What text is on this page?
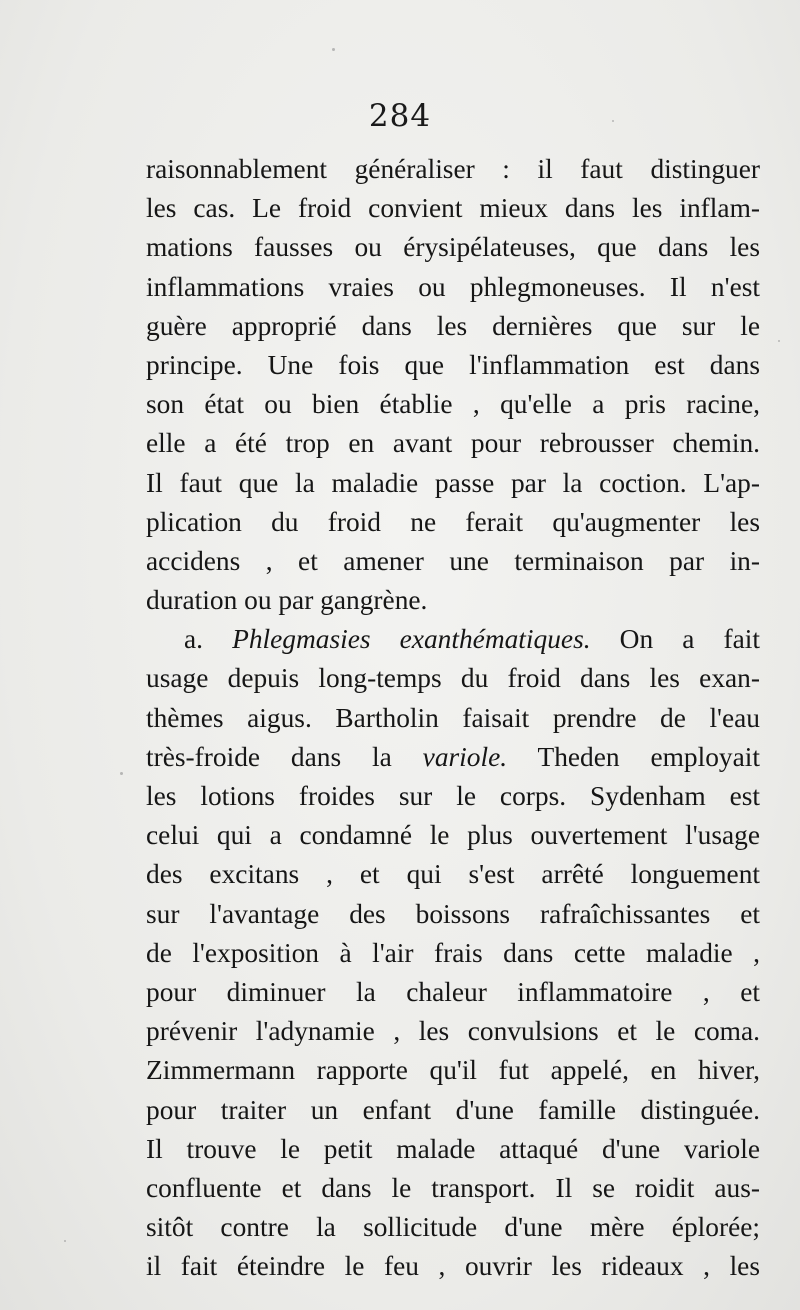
284
raisonnablement généraliser : il faut distinguer
les cas. Le froid convient mieux dans les inflam-
mations fausses ou érysipélateuses, que dans les
inflammations vraies ou phlegmoneuses. Il n'est
guère approprié dans les dernières que sur le
principe. Une fois que l'inflammation est dans
son état ou bien établie , qu'elle a pris racine,
elle a été trop en avant pour rebrousser chemin.
Il faut que la maladie passe par la coction. L'ap-
plication du froid ne ferait qu'augmenter les
accidens , et amener une terminaison par in-
duration ou par gangrène.
a. Phlegmasies exanthématiques. On a fait
usage depuis long-temps du froid dans les exan-
thèmes aigus. Bartholin faisait prendre de l'eau
très-froide dans la variole. Theden employait
les lotions froides sur le corps. Sydenham est
celui qui a condamné le plus ouvertement l'usage
des excitans , et qui s'est arrêté longuement
sur l'avantage des boissons rafraîchissantes et
de l'exposition à l'air frais dans cette maladie ,
pour diminuer la chaleur inflammatoire , et
prévenir l'adynamie , les convulsions et le coma.
Zimmermann rapporte qu'il fut appelé, en hiver,
pour traiter un enfant d'une famille distinguée.
Il trouve le petit malade attaqué d'une variole
confluente et dans le transport. Il se roidit aus-
sitôt contre la sollicitude d'une mère éplorée;
il fait éteindre le feu , ouvrir les rideaux , les
